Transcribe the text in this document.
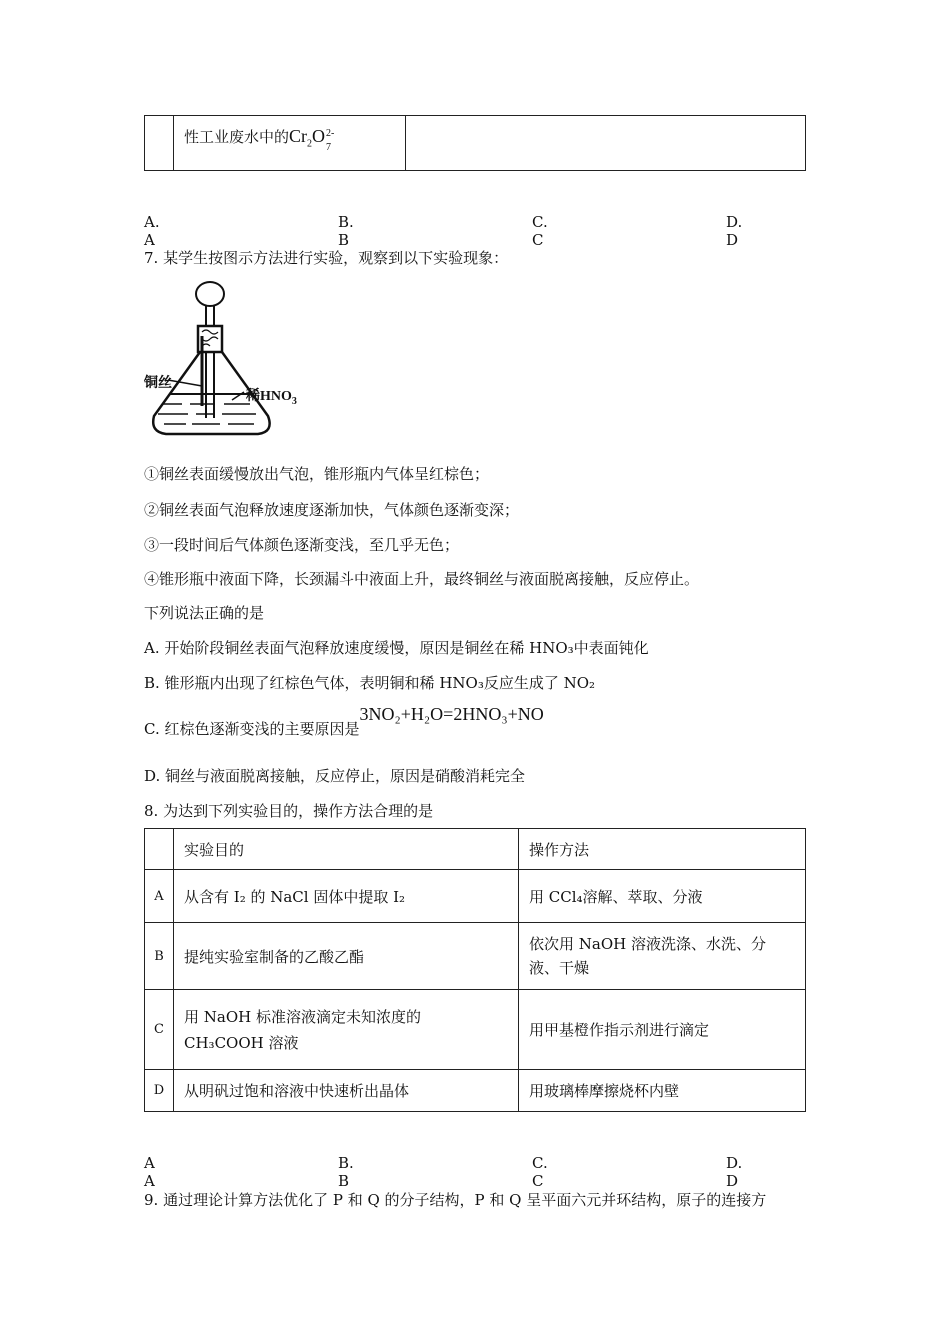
	性工业废水中的$Cr_2O$
7
2-

A. A
B. B
C. C
D. D
7. 某学生按图示方法进行实验，观察到以下实验现象：
铜丝
稀$HNO_3$
①铜丝表面缓慢放出气泡，锥形瓶内气体呈红棕色；
②铜丝表面气泡释放速度逐渐加快，气体颜色逐渐变深；
③一段时间后气体颜色逐渐变浅，至几乎无色；
④锥形瓶中液面下降，长颈漏斗中液面上升，最终铜丝与液面脱离接触，反应停止。
下列说法正确的是
A. 开始阶段铜丝表面气泡释放速度缓慢，原因是铜丝在稀 HNO₃中表面钝化
B. 锥形瓶内出现了红棕色气体，表明铜和稀 HNO₃反应生成了 NO₂
C. 红棕色逐渐变浅的主要原因是3NO₂+H₂O=2HNO₃+NO
D. 铜丝与液面脱离接触，反应停止，原因是硝酸消耗完全
8. 为达到下列实验目的，操作方法合理的是
	实验目的	操作方法
A	从含有 I₂ 的 NaCl 固体中提取 I₂	用 CCl₄溶解、萃取、分液
B	提纯实验室制备的乙酸乙酯	依次用 NaOH 溶液洗涤、水洗、分
液、干燥

C	用 NaOH 标准溶液滴定未知浓度的
CH₃COOH 溶液	用甲基橙作指示剂进行滴定
D	从明矾过饱和溶液中快速析出晶体	用玻璃棒摩擦烧杯内壁
A A
B. B
C. C
D. D
9. 通过理论计算方法优化了 P 和 Q 的分子结构，P 和 Q 呈平面六元并环结构，原子的连接方
